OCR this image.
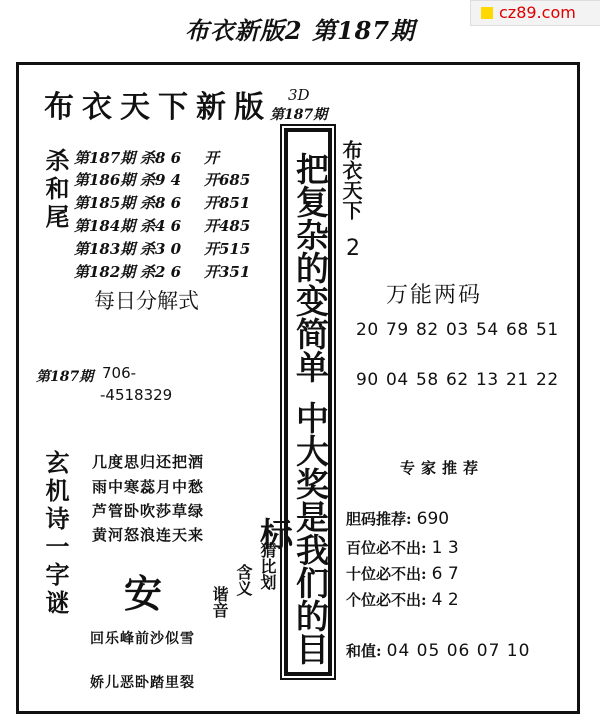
布衣新版2 第187期
cz89.com
布衣天下新版 3D
第187期
杀和尾 第187期 杀8 6 开
第186期 杀9 4 开685
第185期 杀8 6 开851
第184期 杀4 6 开485
第183期 杀3 0 开515
第182期 杀2 6 开351
每日分解式
第187期 706-
-4518329
玄机诗一字谜 几度思归还把酒
雨中寒蕊月中愁
芦管卧吹莎草绿
黄河怒浪连天来
安
猜比划
含义
谐音
回乐峰前沙似雪
娇儿恶卧踏里裂
把复杂的变简单
中大奖是我们的目标
布衣天下
2
万能两码
20 79 82 03 54 68 51
90 04 58 62 13 21 22
专家推荐
胆码推荐: 690
百位必不出: 1 3
十位必不出: 6 7
个位必不出: 4 2
和值: 04 05 06 07 10
